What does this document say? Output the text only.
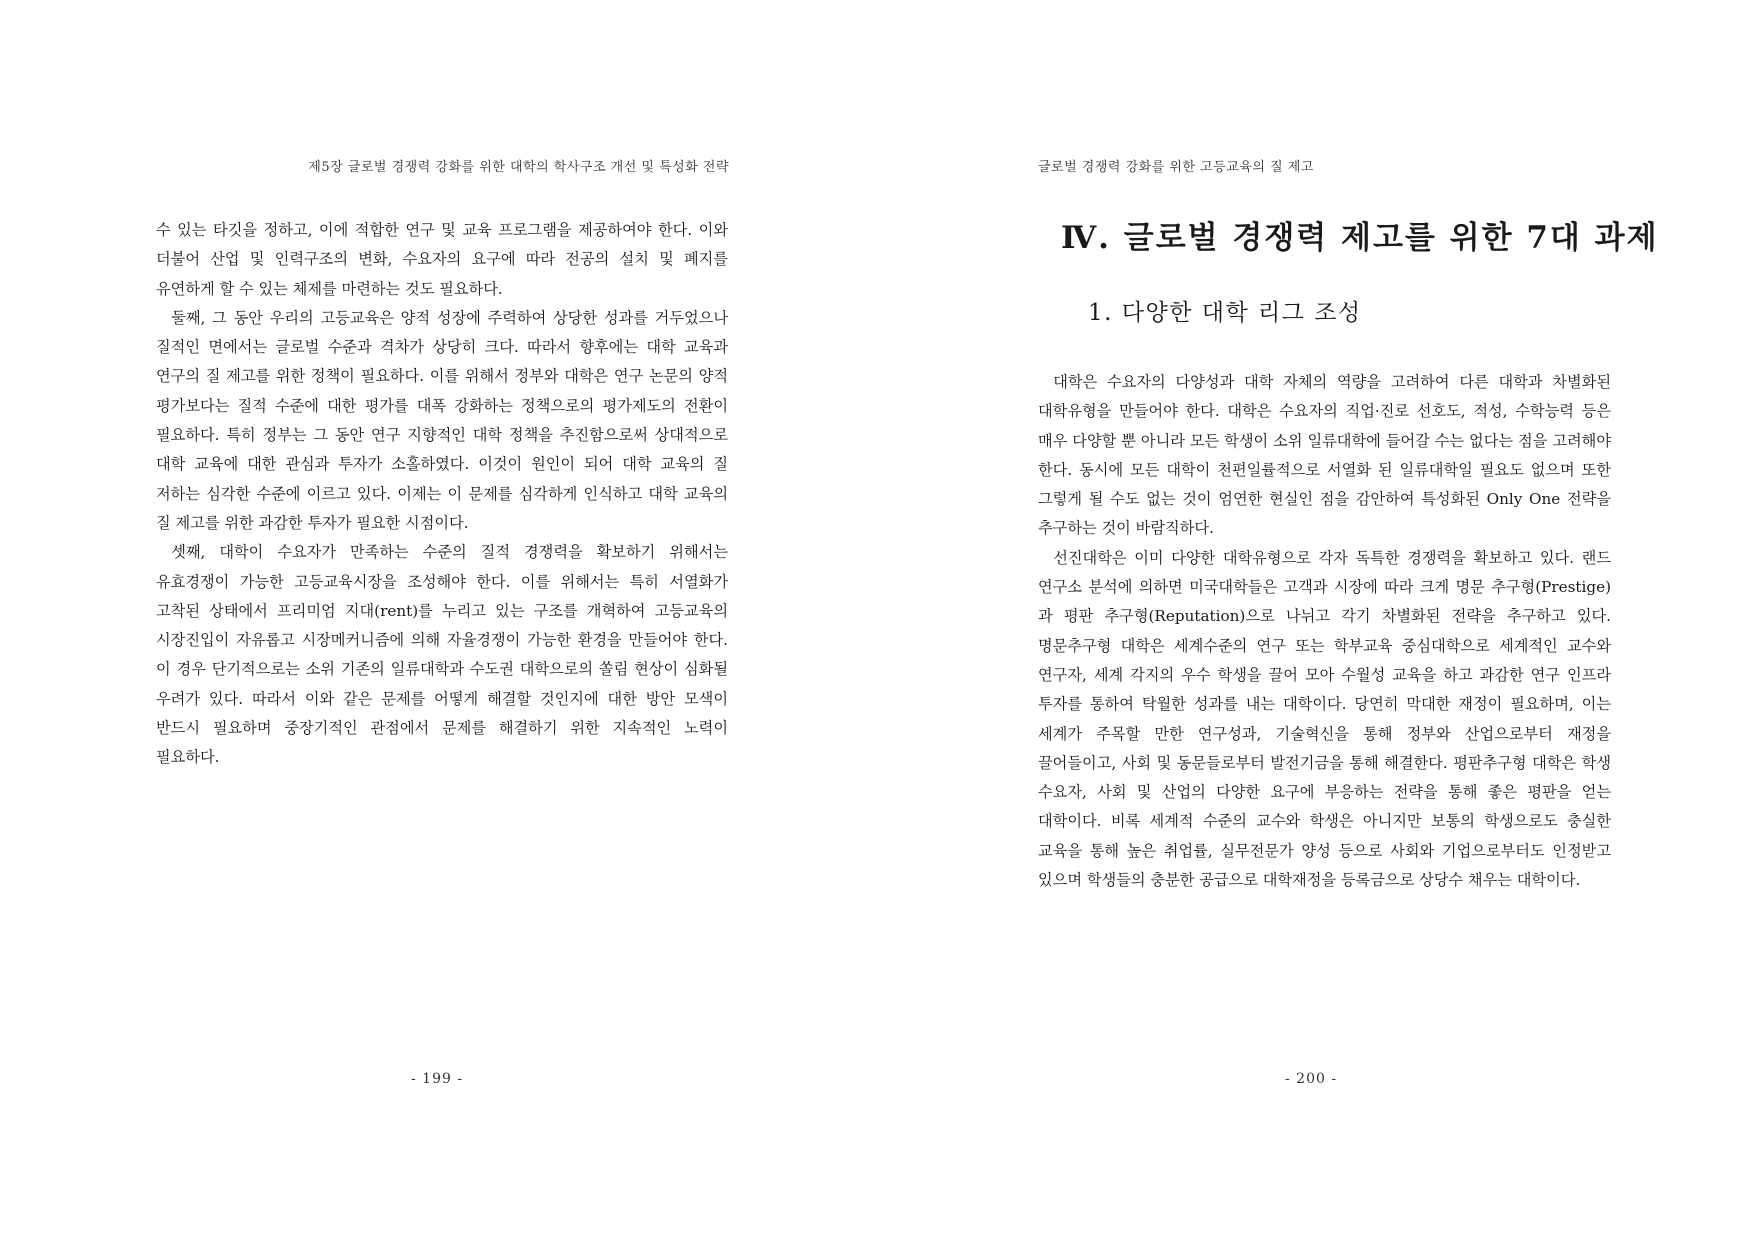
제5장 글로벌 경쟁력 강화를 위한 대학의 학사구조 개선 및 특성화 전략

수 있는 타깃을 정하고, 이에 적합한 연구 및 교육 프로그램을 제공하여야 한다. 이와 더불어 산업 및 인력구조의 변화, 수요자의 요구에 따라 전공의 설치 및 폐지를 유연하게 할 수 있는 체제를 마련하는 것도 필요하다.

둘째, 그 동안 우리의 고등교육은 양적 성장에 주력하여 상당한 성과를 거두었으나 질적인 면에서는 글로벌 수준과 격차가 상당히 크다. 따라서 향후에는 대학 교육과 연구의 질 제고를 위한 정책이 필요하다. 이를 위해서 정부와 대학은 연구 논문의 양적 평가보다는 질적 수준에 대한 평가를 대폭 강화하는 정책으로의 평가제도의 전환이 필요하다. 특히 정부는 그 동안 연구 지향적인 대학 정책을 추진함으로써 상대적으로 대학 교육에 대한 관심과 투자가 소홀하였다. 이것이 원인이 되어 대학 교육의 질 저하는 심각한 수준에 이르고 있다. 이제는 이 문제를 심각하게 인식하고 대학 교육의 질 제고를 위한 과감한 투자가 필요한 시점이다.

셋째, 대학이 수요자가 만족하는 수준의 질적 경쟁력을 확보하기 위해서는 유효경쟁이 가능한 고등교육시장을 조성해야 한다. 이를 위해서는 특히 서열화가 고착된 상태에서 프리미엄 지대(rent)를 누리고 있는 구조를 개혁하여 고등교육의 시장진입이 자유롭고 시장메커니즘에 의해 자율경쟁이 가능한 환경을 만들어야 한다. 이 경우 단기적으로는 소위 기존의 일류대학과 수도권 대학으로의 쏠림 현상이 심화될 우려가 있다. 따라서 이와 같은 문제를 어떻게 해결할 것인지에 대한 방안 모색이 반드시 필요하며 중장기적인 관점에서 문제를 해결하기 위한 지속적인 노력이 필요하다.

- 199 -
글로벌 경쟁력 강화를 위한 고등교육의 질 제고
Ⅳ. 글로벌 경쟁력 제고를 위한 7대 과제
1. 다양한 대학 리그 조성

대학은 수요자의 다양성과 대학 자체의 역량을 고려하여 다른 대학과 차별화된 대학유형을 만들어야 한다. 대학은 수요자의 직업·진로 선호도, 적성, 수학능력 등은 매우 다양할 뿐 아니라 모든 학생이 소위 일류대학에 들어갈 수는 없다는 점을 고려해야 한다. 동시에 모든 대학이 천편일률적으로 서열화 된 일류대학일 필요도 없으며 또한 그렇게 될 수도 없는 것이 엄연한 현실인 점을 감안하여 특성화된 Only One 전략을 추구하는 것이 바람직하다.

선진대학은 이미 다양한 대학유형으로 각자 독특한 경쟁력을 확보하고 있다. 랜드 연구소 분석에 의하면 미국대학들은 고객과 시장에 따라 크게 명문 추구형(Prestige)과 평판 추구형(Reputation)으로 나뉘고 각기 차별화된 전략을 추구하고 있다. 명문추구형 대학은 세계수준의 연구 또는 학부교육 중심대학으로 세계적인 교수와 연구자, 세계 각지의 우수 학생을 끌어 모아 수월성 교육을 하고 과감한 연구 인프라 투자를 통하여 탁월한 성과를 내는 대학이다. 당연히 막대한 재정이 필요하며, 이는 세계가 주목할 만한 연구성과, 기술혁신을 통해 정부와 산업으로부터 재정을 끌어들이고, 사회 및 동문들로부터 발전기금을 통해 해결한다. 평판추구형 대학은 학생 수요자, 사회 및 산업의 다양한 요구에 부응하는 전략을 통해 좋은 평판을 얻는 대학이다. 비록 세계적 수준의 교수와 학생은 아니지만 보통의 학생으로도 충실한 교육을 통해 높은 취업률, 실무전문가 양성 등으로 사회와 기업으로부터도 인정받고 있으며 학생들의 충분한 공급으로 대학재정을 등록금으로 상당수 채우는 대학이다.

- 200 -
